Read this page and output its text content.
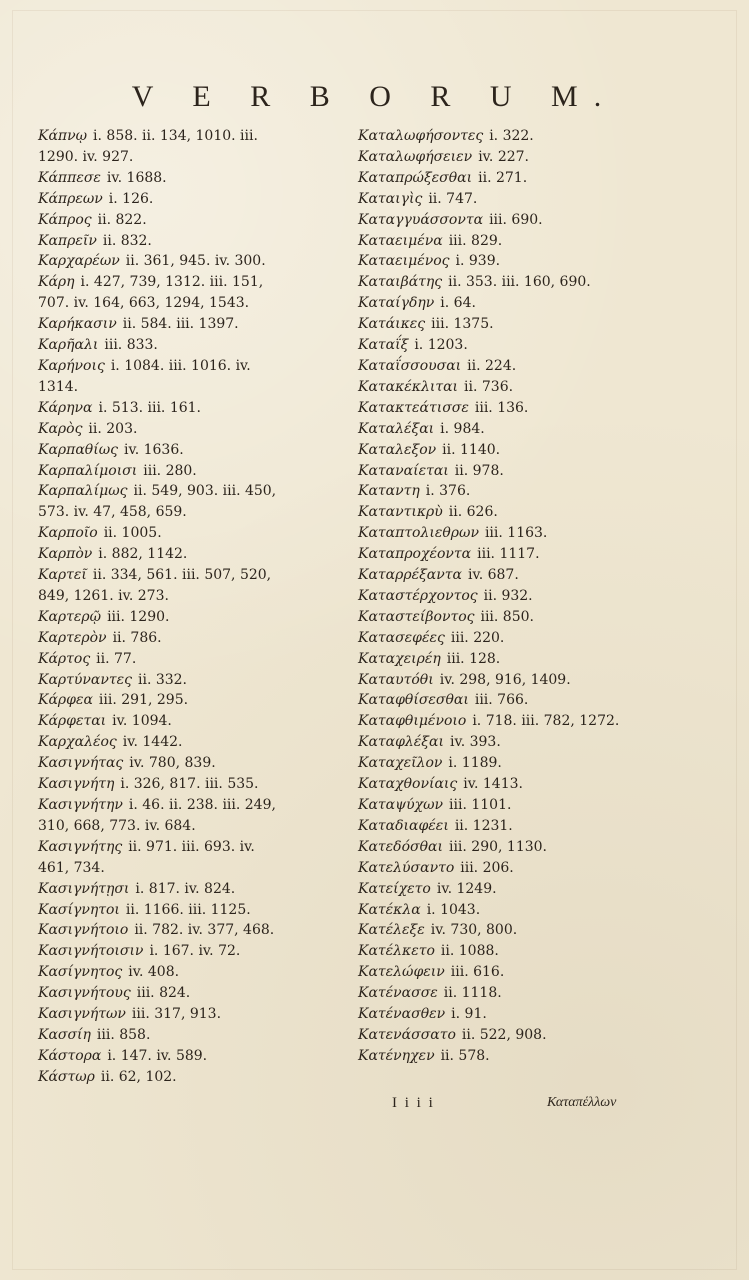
V E R B O R U M.
Κάπνῳ i. 858. ii. 134, 1010. iii.
1290. iv. 927.
Κάππεσε iv. 1688.
Κάπρεων i. 126.
Κάπρος ii. 822.
Καπρεῖν ii. 832.
Καρχαρέων ii. 361, 945. iv. 300.
Κάρη i. 427, 739, 1312. iii. 151,
707. iv. 164, 663, 1294, 1543.
Καρήκασιν ii. 584. iii. 1397.
Καρῆαλι iii. 833.
Καρήνοις i. 1084. iii. 1016. iv.
1314.
Κάρηνα i. 513. iii. 161.
Καρὸς ii. 203.
Καρπαθίως iv. 1636.
Καρπαλίμοισι iii. 280.
Καρπαλίμως ii. 549, 903. iii. 450,
573. iv. 47, 458, 659.
Καρποῖο ii. 1005.
Καρπὸν i. 882, 1142.
Καρτεῖ ii. 334, 561. iii. 507, 520,
849, 1261. iv. 273.
Καρτερῷ iii. 1290.
Καρτερὸν ii. 786.
Κάρτος ii. 77.
Καρτύναντες ii. 332.
Κάρφεα iii. 291, 295.
Κάρφεται iv. 1094.
Καρχαλέος iv. 1442.
Κασιγνήτας iv. 780, 839.
Κασιγνήτη i. 326, 817. iii. 535.
Κασιγνήτην i. 46. ii. 238. iii. 249,
310, 668, 773. iv. 684.
Κασιγνήτης ii. 971. iii. 693. iv.
461, 734.
Κασιγνήτῃσι i. 817. iv. 824.
Κασίγνητοι ii. 1166. iii. 1125.
Κασιγνήτοιο ii. 782. iv. 377, 468.
Κασιγνήτοισιν i. 167. iv. 72.
Κασίγνητος iv. 408.
Κασιγνήτους iii. 824.
Κασιγνήτων iii. 317, 913.
Κασσίη iii. 858.
Κάστορα i. 147. iv. 589.
Κάστωρ ii. 62, 102.
Καταλωφήσοντες i. 322.
Καταλωφήσειεν iv. 227.
Καταπρώξεσθαι ii. 271.
Καταιγὶς ii. 747.
Καταγγυάσσοντα iii. 690.
Καταειμένα iii. 829.
Καταειμένος i. 939.
Καταιβάτης ii. 353. iii. 160, 690.
Καταίγδην i. 64.
Κατάικες iii. 1375.
Καταΐξ i. 1203.
Καταΐσσουσαι ii. 224.
Κατακέκλιται ii. 736.
Κατακτεάτισσε iii. 136.
Καταλέξαι i. 984.
Καταλεξον ii. 1140.
Καταναίεται ii. 978.
Καταντη i. 376.
Καταντικρὺ ii. 626.
Καταπτολιεθρων iii. 1163.
Καταπροχέοντα iii. 1117.
Καταρρέξαντα iv. 687.
Καταστέρχοντος ii. 932.
Καταστείβοντος iii. 850.
Κατασεφέες iii. 220.
Καταχειρέη iii. 128.
Καταυτόθι iv. 298, 916, 1409.
Καταφθίσεσθαι iii. 766.
Καταφθιμένοιο i. 718. iii. 782, 1272.
Καταφλέξαι iv. 393.
Καταχεῖλον i. 1189.
Καταχθονίαις iv. 1413.
Καταψύχων iii. 1101.
Καταδιαφέει ii. 1231.
Κατεδόσθαι iii. 290, 1130.
Κατελύσαντο iii. 206.
Κατείχετο iv. 1249.
Κατέκλα i. 1043.
Κατέλεξε iv. 730, 800.
Κατέλκετο ii. 1088.
Κατελώφειν iii. 616.
Κατένασσε ii. 1118.
Κατένασθεν i. 91.
Κατενάσσατο ii. 522, 908.
Κατένηχεν ii. 578.
I i i i	Καταπέλλων
